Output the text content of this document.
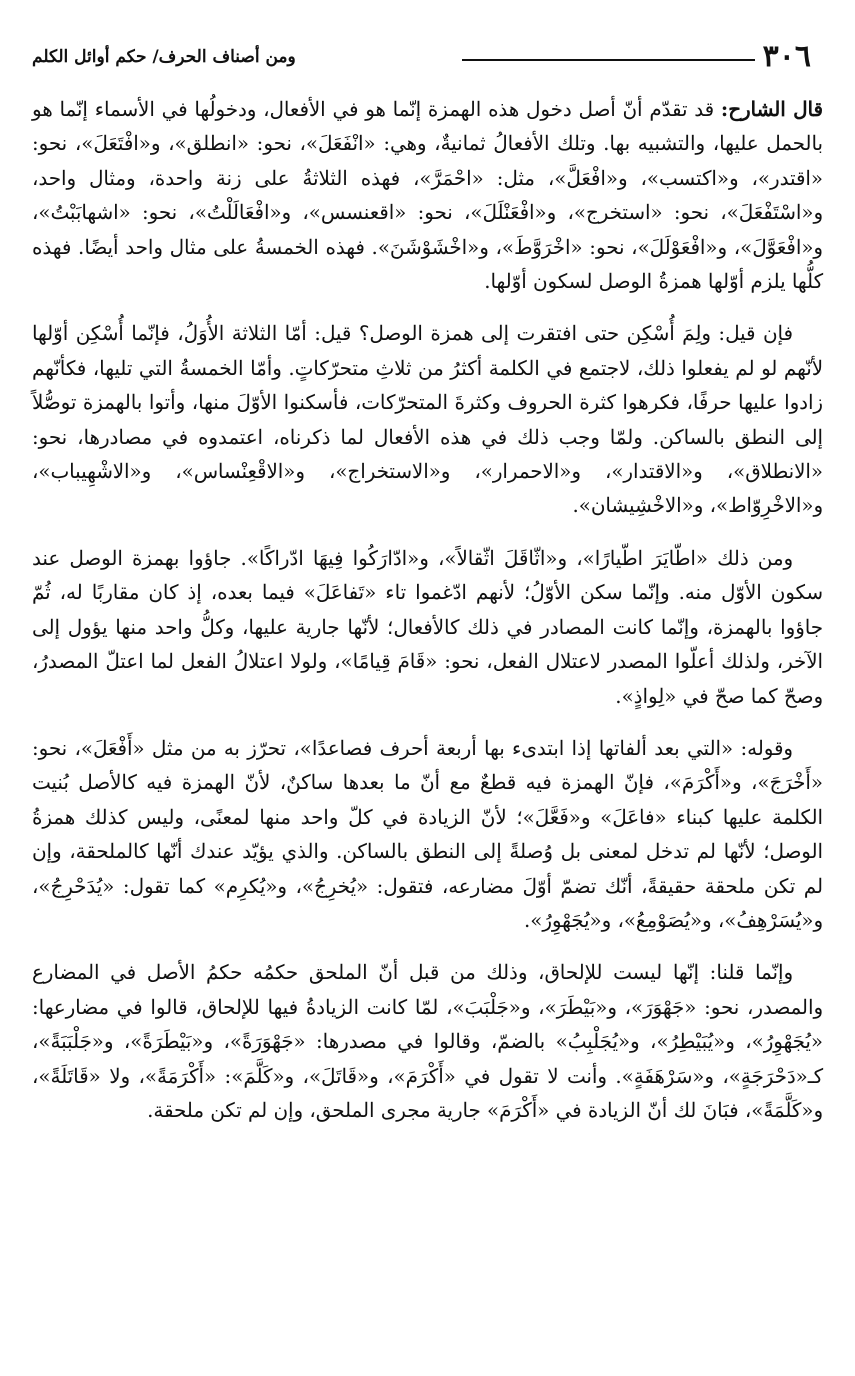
٣٠٦
ومن أصناف الحرف/ حكم أوائل الكلم

قال الشارح: قد تقدّم أنّ أصل دخول هذه الهمزة إنّما هو في الأفعال، ودخولُها في الأسماء إنّما هو بالحمل عليها، والتشبيه بها. وتلك الأفعالُ ثمانيةٌ، وهي: «انْفَعَلَ»، نحو: «انطلق»، و«افْتَعَلَ»، نحو: «اقتدر»، و«اكتسب»، و«افْعَلَّ»، مثل: «احْمَرَّ»، فهذه الثلاثةُ على زنة واحدة، ومثال واحد، و«اسْتَفْعَلَ»، نحو: «استخرج»، و«افْعَنْلَلَ»، نحو: «اقعنسس»، و«افْعَالَلْتُ»، نحو: «اشهابَبْتُ»، و«افْعَوَّلَ»، و«افْعَوْلَلَ»، نحو: «اخْرَوَّطَ»، و«اخْشَوْشَنَ». فهذه الخمسةُ على مثال واحد أيضًا. فهذه كلُّها يلزم أوّلها همزةُ الوصل لسكون أوّلها.

فإن قيل: ولِمَ أُسْكِن حتى افتقرت إلى همزة الوصل؟ قيل: أمّا الثلاثة الأُوَلُ، فإنّما أُسْكِن أوّلها لأنّهم لو لم يفعلوا ذلك، لاجتمع في الكلمة أكثرُ من ثلاثِ متحرّكاتٍ. وأمّا الخمسةُ التي تليها، فكأنّهم زادوا عليها حرفًا، فكرهوا كثرة الحروف وكثرةَ المتحرّكات، فأسكنوا الأوّلَ منها، وأتوا بالهمزة توصُّلاً إلى النطق بالساكن. ولمّا وجب ذلك في هذه الأفعال لما ذكرناه، اعتمدوه في مصادرها، نحو: «الانطلاق»، و«الاقتدار»، و«الاحمرار»، و«الاستخراج»، و«الاقْعِنْساس»، و«الاشْهِيباب»، و«الاخْرِوّاط»، و«الاخْشِيشان».

ومن ذلك «اطّايَرَ اطّيارًا»، و«اثّاقَلَ اثّقالاً»، و«ادّارَكُوا فِيهَا ادّراكًا». جاؤوا بهمزة الوصل عند سكون الأوّل منه. وإنّما سكن الأوّلُ؛ لأنهم ادّغموا تاء «تَفاعَلَ» فيما بعده، إذ كان مقاربًا له، ثُمّ جاؤوا بالهمزة، وإنّما كانت المصادر في ذلك كالأفعال؛ لأنّها جارية عليها، وكلُّ واحد منها يؤول إلى الآخر، ولذلك أعلّوا المصدر لاعتلال الفعل، نحو: «قَامَ قِيامًا»، ولولا اعتلالُ الفعل لما اعتلّ المصدرُ، وصحّ كما صحّ في «لِواذٍ».

وقوله: «التي بعد ألفاتها إذا ابتدىء بها أربعة أحرف فصاعدًا»، تحرّز به من مثل «أَفْعَلَ»، نحو: «أَخْرَجَ»، و«أَكْرَمَ»، فإنّ الهمزة فيه قطعٌ مع أنّ ما بعدها ساكنٌ، لأنّ الهمزة فيه كالأصل بُنيت الكلمة عليها كبناء «فاعَلَ» و«فَعَّلَ»؛ لأنّ الزيادة في كلّ واحد منها لمعنًى، وليس كذلك همزةُ الوصل؛ لأنّها لم تدخل لمعنى بل وُصلةً إلى النطق بالساكن. والذي يؤيّد عندك أنّها كالملحقة، وإن لم تكن ملحقة حقيقةً، أنّك تضمّ أوّلَ مضارعه، فتقول: «يُخرِجُ»، و«يُكرِم» كما تقول: «يُدَحْرِجُ»، و«يُسَرْهِفُ»، و«يُصَوْمِعُ»، و«يُجَهْوِرُ».

وإنّما قلنا: إنّها ليست للإلحاق، وذلك من قبل أنّ الملحق حكمُه حكمُ الأصل في المضارع والمصدر، نحو: «جَهْوَرَ»، و«بَيْطَرَ»، و«جَلْبَبَ»، لمّا كانت الزيادةُ فيها للإلحاق، قالوا في مضارعها: «يُجَهْوِرُ»، و«يُبَيْطِرُ»، و«يُجَلْبِبُ» بالضمّ، وقالوا في مصدرها: «جَهْوَرَةً»، و«بَيْطَرَةً»، و«جَلْبَبَةً»، كـ«دَحْرَجَةٍ»، و«سَرْهَفَةٍ». وأنت لا تقول في «أَكْرَمَ»، و«قَاتَلَ»، و«كَلَّمَ»: «أَكْرَمَةً»، ولا «قَاتَلَةً»، و«كَلَّمَةً»، فبَانَ لك أنّ الزيادة في «أَكْرَمَ» جارية مجرى الملحق، وإن لم تكن ملحقة.
